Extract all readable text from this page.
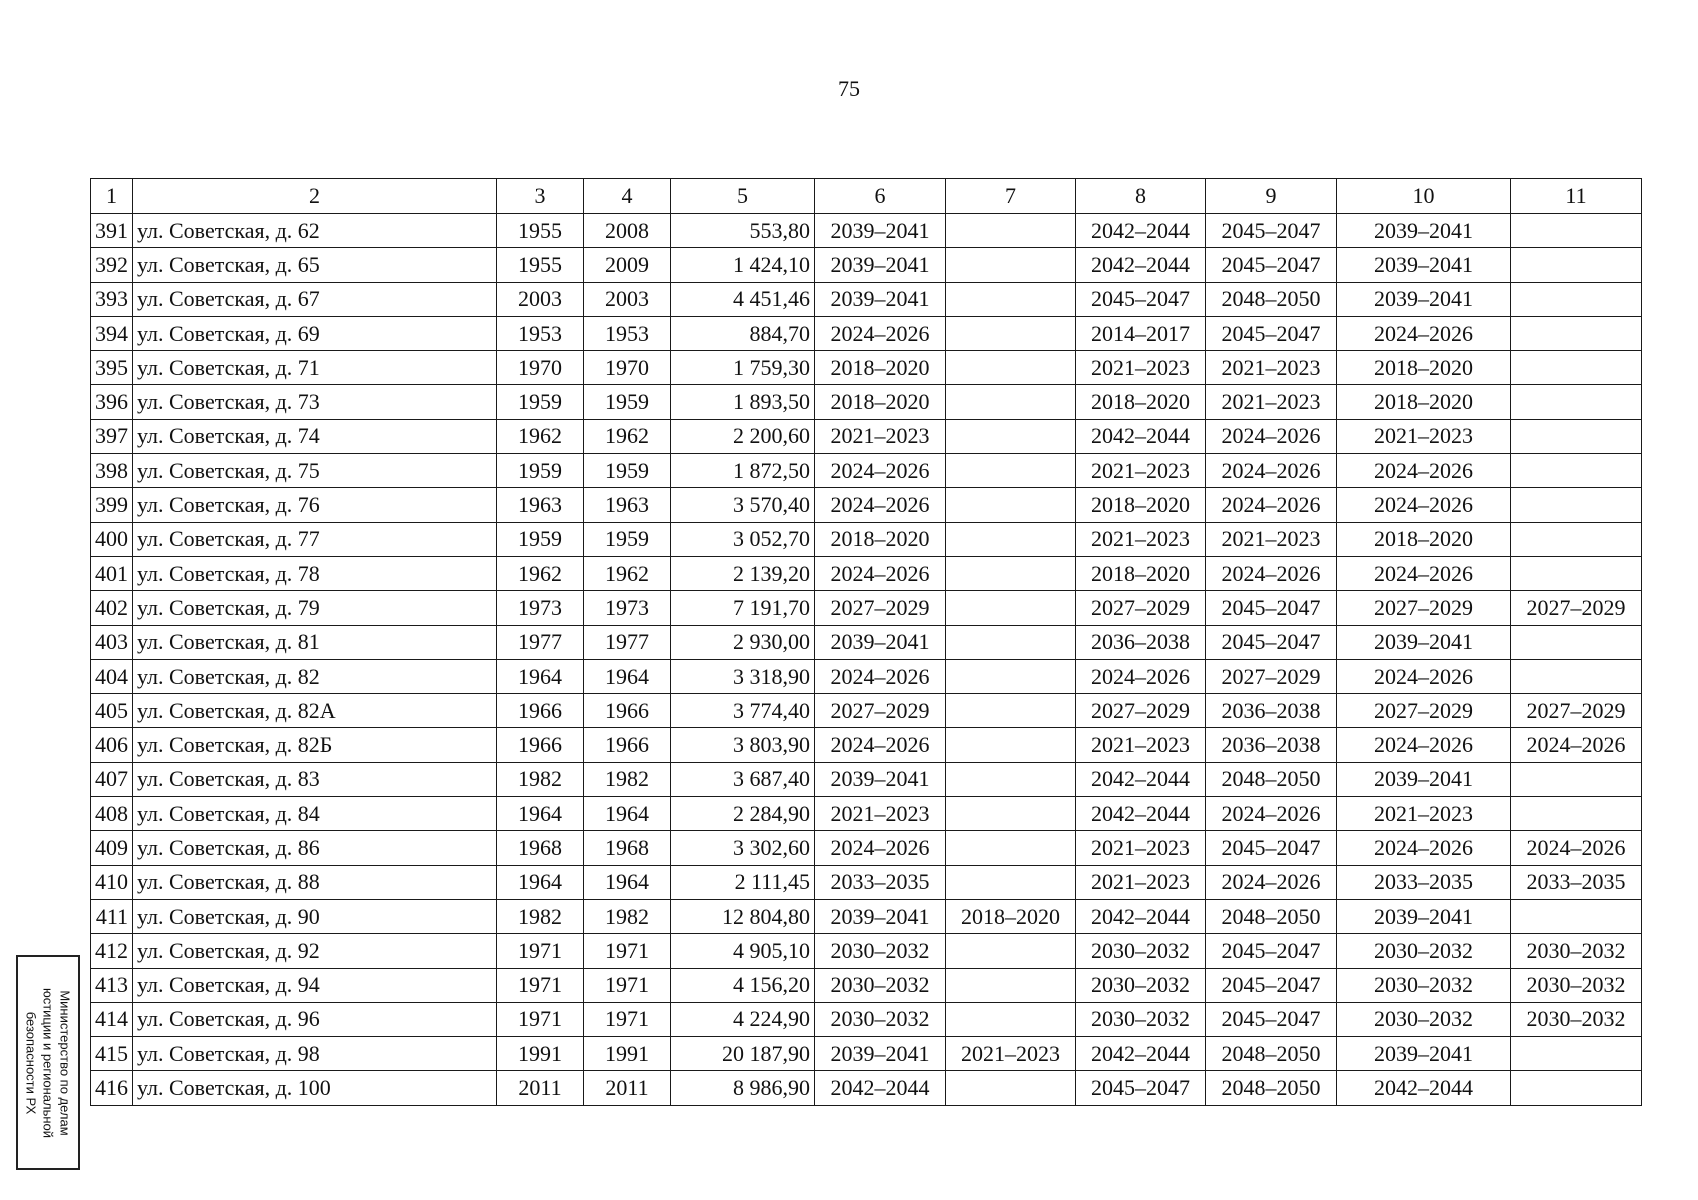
75
1	2	3	4	5	6	7	8	9	10	11
391	ул. Советская, д. 62	1955	2008	553,80	2039–2041		2042–2044	2045–2047	2039–2041	
392	ул. Советская, д. 65	1955	2009	1 424,10	2039–2041		2042–2044	2045–2047	2039–2041	
393	ул. Советская, д. 67	2003	2003	4 451,46	2039–2041		2045–2047	2048–2050	2039–2041	
394	ул. Советская, д. 69	1953	1953	884,70	2024–2026		2014–2017	2045–2047	2024–2026	
395	ул. Советская, д. 71	1970	1970	1 759,30	2018–2020		2021–2023	2021–2023	2018–2020	
396	ул. Советская, д. 73	1959	1959	1 893,50	2018–2020		2018–2020	2021–2023	2018–2020	
397	ул. Советская, д. 74	1962	1962	2 200,60	2021–2023		2042–2044	2024–2026	2021–2023	
398	ул. Советская, д. 75	1959	1959	1 872,50	2024–2026		2021–2023	2024–2026	2024–2026	
399	ул. Советская, д. 76	1963	1963	3 570,40	2024–2026		2018–2020	2024–2026	2024–2026	
400	ул. Советская, д. 77	1959	1959	3 052,70	2018–2020		2021–2023	2021–2023	2018–2020	
401	ул. Советская, д. 78	1962	1962	2 139,20	2024–2026		2018–2020	2024–2026	2024–2026	
402	ул. Советская, д. 79	1973	1973	7 191,70	2027–2029		2027–2029	2045–2047	2027–2029	2027–2029
403	ул. Советская, д. 81	1977	1977	2 930,00	2039–2041		2036–2038	2045–2047	2039–2041	
404	ул. Советская, д. 82	1964	1964	3 318,90	2024–2026		2024–2026	2027–2029	2024–2026	
405	ул. Советская, д. 82А	1966	1966	3 774,40	2027–2029		2027–2029	2036–2038	2027–2029	2027–2029
406	ул. Советская, д. 82Б	1966	1966	3 803,90	2024–2026		2021–2023	2036–2038	2024–2026	2024–2026
407	ул. Советская, д. 83	1982	1982	3 687,40	2039–2041		2042–2044	2048–2050	2039–2041	
408	ул. Советская, д. 84	1964	1964	2 284,90	2021–2023		2042–2044	2024–2026	2021–2023	
409	ул. Советская, д. 86	1968	1968	3 302,60	2024–2026		2021–2023	2045–2047	2024–2026	2024–2026
410	ул. Советская, д. 88	1964	1964	2 111,45	2033–2035		2021–2023	2024–2026	2033–2035	2033–2035
411	ул. Советская, д. 90	1982	1982	12 804,80	2039–2041	2018–2020	2042–2044	2048–2050	2039–2041	
412	ул. Советская, д. 92	1971	1971	4 905,10	2030–2032		2030–2032	2045–2047	2030–2032	2030–2032
413	ул. Советская, д. 94	1971	1971	4 156,20	2030–2032		2030–2032	2045–2047	2030–2032	2030–2032
414	ул. Советская, д. 96	1971	1971	4 224,90	2030–2032		2030–2032	2045–2047	2030–2032	2030–2032
415	ул. Советская, д. 98	1991	1991	20 187,90	2039–2041	2021–2023	2042–2044	2048–2050	2039–2041	
416	ул. Советская, д. 100	2011	2011	8 986,90	2042–2044		2045–2047	2048–2050	2042–2044	
Министерство по делам
юстиции и региональной
безопасности РХ
